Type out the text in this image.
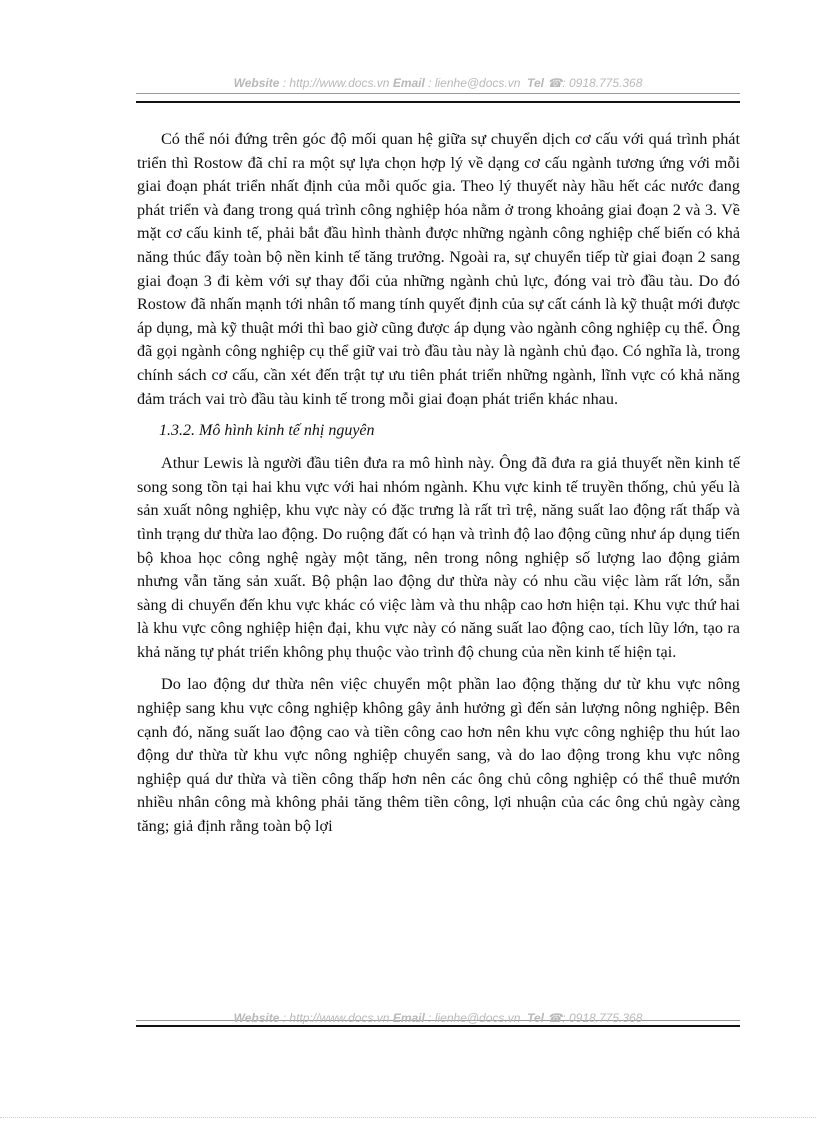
Website : http://www.docs.vn Email : lienhe@docs.vn Tel ☎: 0918.775.368

Có thể nói đứng trên góc độ mối quan hệ giữa sự chuyển dịch cơ cấu với quá trình phát triển thì Rostow đã chỉ ra một sự lựa chọn hợp lý về dạng cơ cấu ngành tương ứng với mỗi giai đoạn phát triển nhất định của mỗi quốc gia. Theo lý thuyết này hầu hết các nước đang phát triển và đang trong quá trình công nghiệp hóa nằm ở trong khoảng giai đoạn 2 và 3. Về mặt cơ cấu kinh tế, phải bắt đầu hình thành được những ngành công nghiệp chế biến có khả năng thúc đẩy toàn bộ nền kinh tế tăng trưởng. Ngoài ra, sự chuyển tiếp từ giai đoạn 2 sang giai đoạn 3 đi kèm với sự thay đổi của những ngành chủ lực, đóng vai trò đầu tàu. Do đó Rostow đã nhấn mạnh tới nhân tố mang tính quyết định của sự cất cánh là kỹ thuật mới được áp dụng, mà kỹ thuật mới thì bao giờ cũng được áp dụng vào ngành công nghiệp cụ thể. Ông đã gọi ngành công nghiệp cụ thể giữ vai trò đầu tàu này là ngành chủ đạo. Có nghĩa là, trong chính sách cơ cấu, cần xét đến trật tự ưu tiên phát triển những ngành, lĩnh vực có khả năng đảm trách vai trò đầu tàu kinh tế trong mỗi giai đoạn phát triển khác nhau.

1.3.2. Mô hình kinh tế nhị nguyên

Athur Lewis là người đầu tiên đưa ra mô hình này. Ông đã đưa ra giả thuyết nền kinh tế song song tồn tại hai khu vực với hai nhóm ngành. Khu vực kinh tế truyền thống, chủ yếu là sản xuất nông nghiệp, khu vực này có đặc trưng là rất trì trệ, năng suất lao động rất thấp và tình trạng dư thừa lao động. Do ruộng đất có hạn và trình độ lao động cũng như áp dụng tiến bộ khoa học công nghệ ngày một tăng, nên trong nông nghiệp số lượng lao động giảm nhưng vẫn tăng sản xuất. Bộ phận lao động dư thừa này có nhu cầu việc làm rất lớn, sẵn sàng di chuyển đến khu vực khác có việc làm và thu nhập cao hơn hiện tại. Khu vực thứ hai là khu vực công nghiệp hiện đại, khu vực này có năng suất lao động cao, tích lũy lớn, tạo ra khả năng tự phát triển không phụ thuộc vào trình độ chung của nền kinh tế hiện tại.

Do lao động dư thừa nên việc chuyển một phần lao động thặng dư từ khu vực nông nghiệp sang khu vực công nghiệp không gây ảnh hưởng gì đến sản lượng nông nghiệp. Bên cạnh đó, năng suất lao động cao và tiền công cao hơn nên khu vực công nghiệp thu hút lao động dư thừa từ khu vực nông nghiệp chuyển sang, và do lao động trong khu vực nông nghiệp quá dư thừa và tiền công thấp hơn nên các ông chủ công nghiệp có thể thuê mướn nhiều nhân công mà không phải tăng thêm tiền công, lợi nhuận của các ông chủ ngày càng tăng; giả định rằng toàn bộ lợi

Website : http://www.docs.vn Email : lienhe@docs.vn Tel ☎: 0918.775.368
